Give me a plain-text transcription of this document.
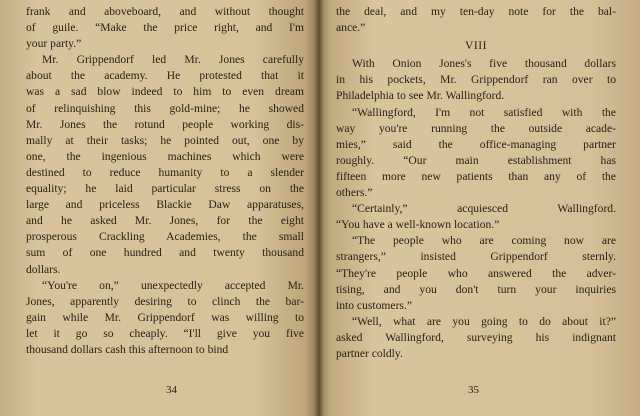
frank and aboveboard, and without thought
of guile. “Make the price right, and I'm
your party.”

Mr. Grippendorf led Mr. Jones carefully
about the academy. He protested that it
was a sad blow indeed to him to even dream
of relinquishing this gold-mine; he showed
Mr. Jones the rotund people working dis-
mally at their tasks; he pointed out, one by
one, the ingenious machines which were
destined to reduce humanity to a slender
equality; he laid particular stress on the
large and priceless Blackie Daw apparatuses,
and he asked Mr. Jones, for the eight
prosperous Crackling Academies, the small
sum of one hundred and twenty thousand
dollars.

“You're on,” unexpectedly accepted Mr.
Jones, apparently desiring to clinch the bar-
gain while Mr. Grippendorf was willing to
let it go so cheaply. “I'll give you five
thousand dollars cash this afternoon to bind

34

the deal, and my ten-day note for the bal-
ance.”

VIII

With Onion Jones's five thousand dollars
in his pockets, Mr. Grippendorf ran over to
Philadelphia to see Mr. Wallingford.

“Wallingford, I'm not satisfied with the
way you're running the outside acade-
mies,” said the office-managing partner
roughly. “Our main establishment has
fifteen more new patients than any of the
others.”

“Certainly,” acquiesced Wallingford.
“You have a well-known location.”

“The people who are coming now are
strangers,” insisted Grippendorf sternly.
“They're people who answered the adver-
tising, and you don't turn your inquiries
into customers.”

“Well, what are you going to do about it?”
asked Wallingford, surveying his indignant
partner coldly.

35
